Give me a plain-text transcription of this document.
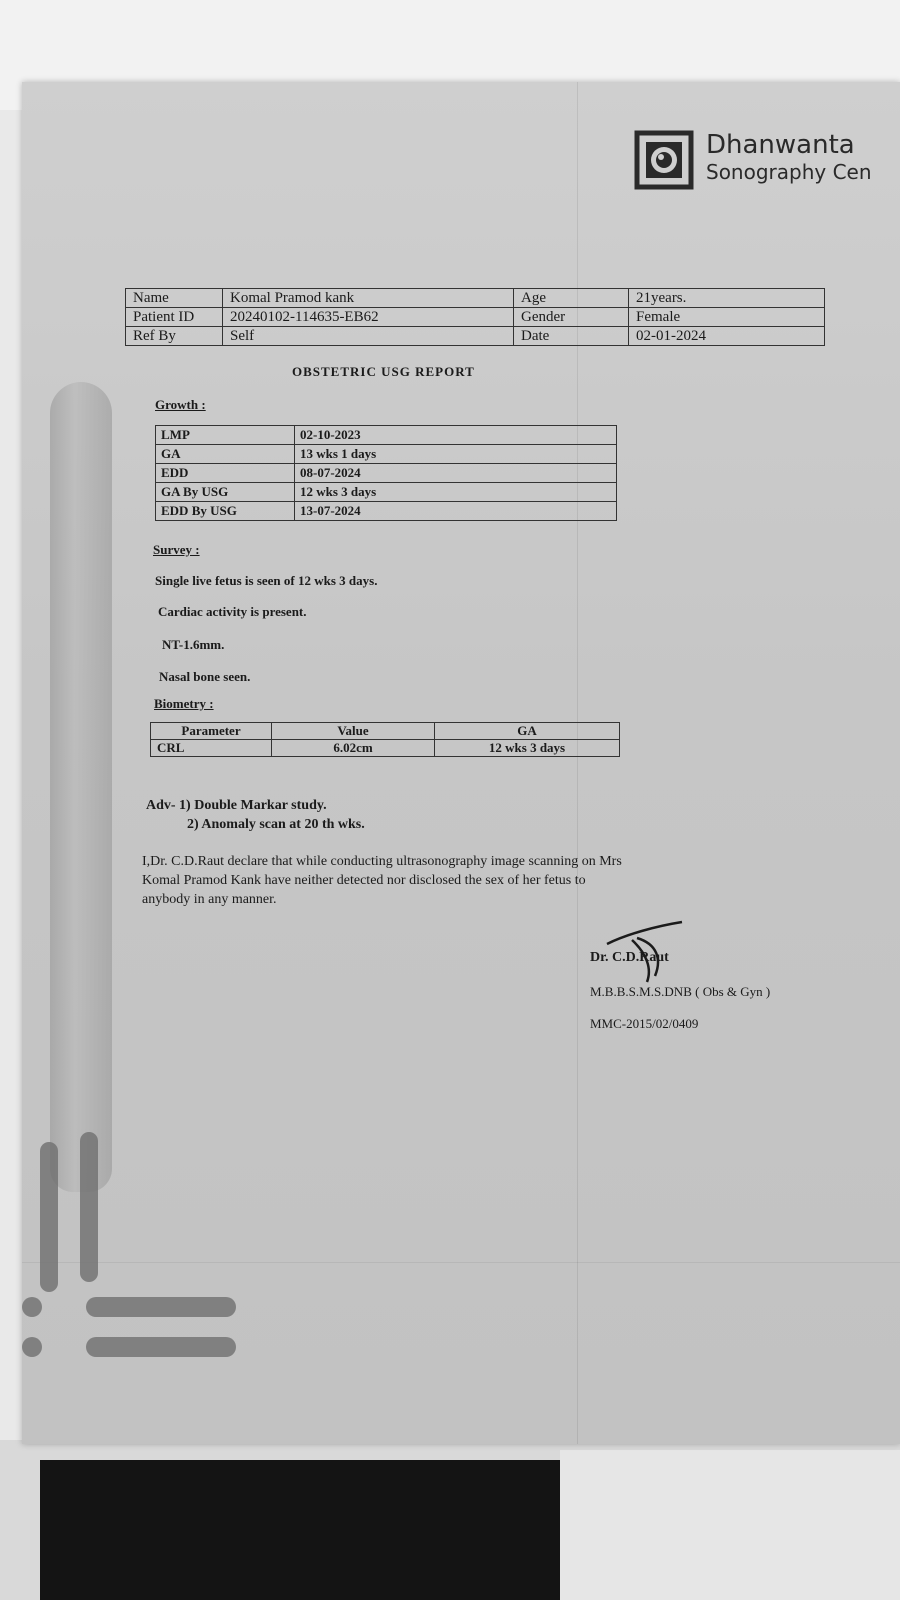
Dhanwanta
Sonography Cen
Name	Komal Pramod kank	Age	21years.
Patient ID	20240102-114635-EB62	Gender	Female
Ref By	Self	Date	02-01-2024
OBSTETRIC USG REPORT
Growth :
LMP	02-10-2023
GA	13 wks 1 days
EDD	08-07-2024
GA By USG	12 wks 3 days
EDD By USG	13-07-2024
Survey :
Single live fetus is seen of 12 wks 3 days.
Cardiac activity is present.
NT-1.6mm.
Nasal bone seen.
Biometry :
Parameter	Value	GA
CRL	6.02cm	12 wks 3 days
Adv- 1) Double Markar study.
2) Anomaly scan at 20 th wks.
I,Dr. C.D.Raut declare that while conducting ultrasonography image scanning on Mrs Komal Pramod Kank have neither detected nor disclosed the sex of her fetus to anybody in any manner.
Dr. C.D.Raut
M.B.B.S.M.S.DNB ( Obs & Gyn )
MMC-2015/02/0409
